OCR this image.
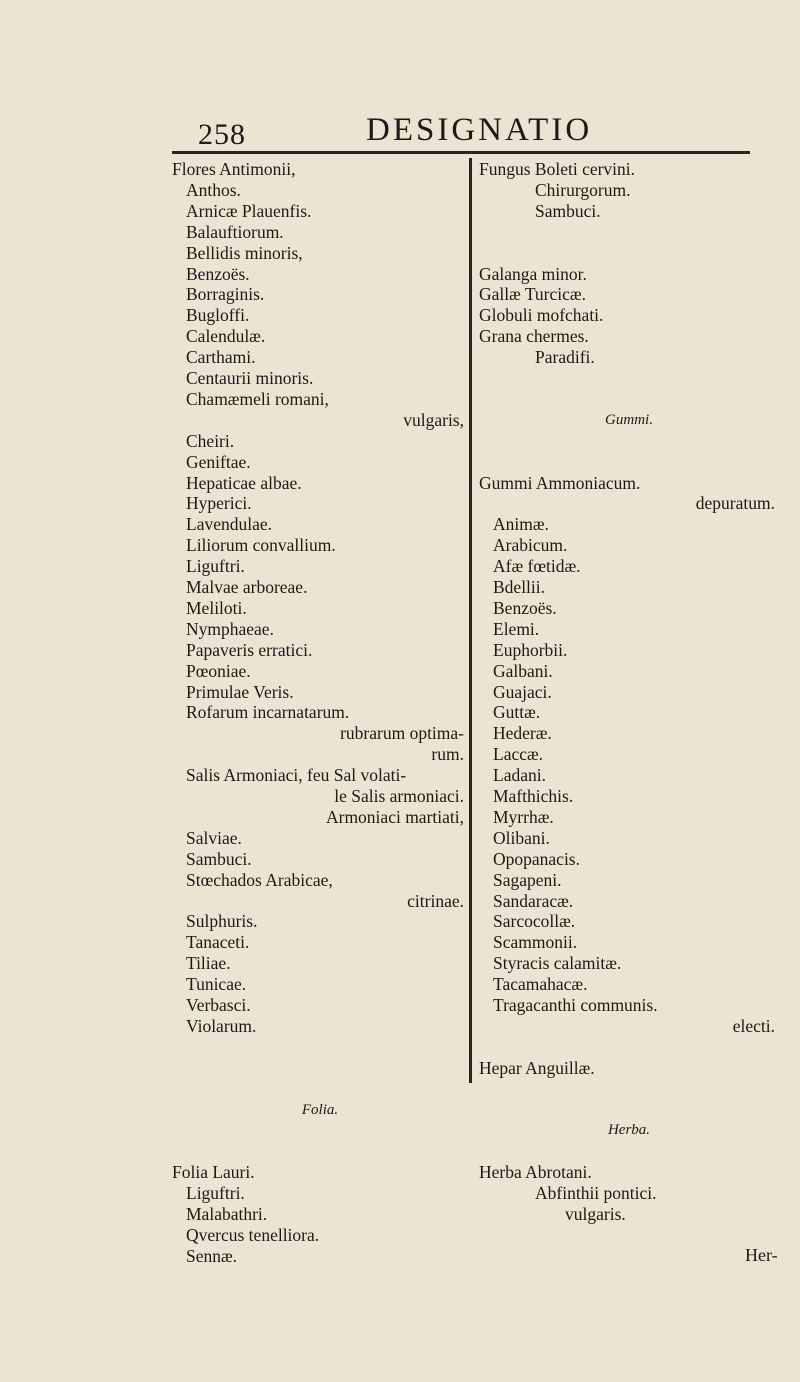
258	DESIGNATIO
Flores Antimonii,
Anthos.
Arnicæ Plauenfis.
Balauftiorum.
Bellidis minoris,
Benzoës.
Borraginis.
Bugloffi.
Calendulæ.
Carthami.
Centaurii minoris.
Chamæmeli romani,
vulgaris,
Cheiri.
Geniftae.
Hepaticae albae.
Hyperici.
Lavendulae.
Liliorum convallium.
Liguftri.
Malvae arboreae.
Meliloti.
Nymphaeae.
Papaveris erratici.
Pœoniae.
Primulae Veris.
Rofarum incarnatarum.
rubrarum optima-
rum.
Salis Armoniaci, feu Sal volati-
le Salis armoniaci.
Armoniaci martiati,
Salviae.
Sambuci.
Stœchados Arabicae,
citrinae.
Sulphuris.
Tanaceti.
Tiliae.
Tunicae.
Verbasci.
Violarum.
Folia.
Folia Lauri.
Liguftri.
Malabathri.
Qvercus tenelliora.
Sennæ.
Fungus Boleti cervini.
Chirurgorum.
Sambuci.
Galanga minor.
Gallæ Turcicæ.
Globuli mofchati.
Grana chermes.
Paradifi.
Gummi.
Gummi Ammoniacum.
depuratum.
Animæ.
Arabicum.
Afæ fœtidæ.
Bdellii.
Benzoës.
Elemi.
Euphorbii.
Galbani.
Guajaci.
Guttæ.
Hederæ.
Laccæ.
Ladani.
Mafthichis.
Myrrhæ.
Olibani.
Opopanacis.
Sagapeni.
Sandaracæ.
Sarcocollæ.
Scammonii.
Styracis calamitæ.
Tacamahacæ.
Tragacanthi communis.
electi.
Hepar Anguillæ.
Herba.
Herba Abrotani.
Abfinthii pontici.
vulgaris.
Her-
